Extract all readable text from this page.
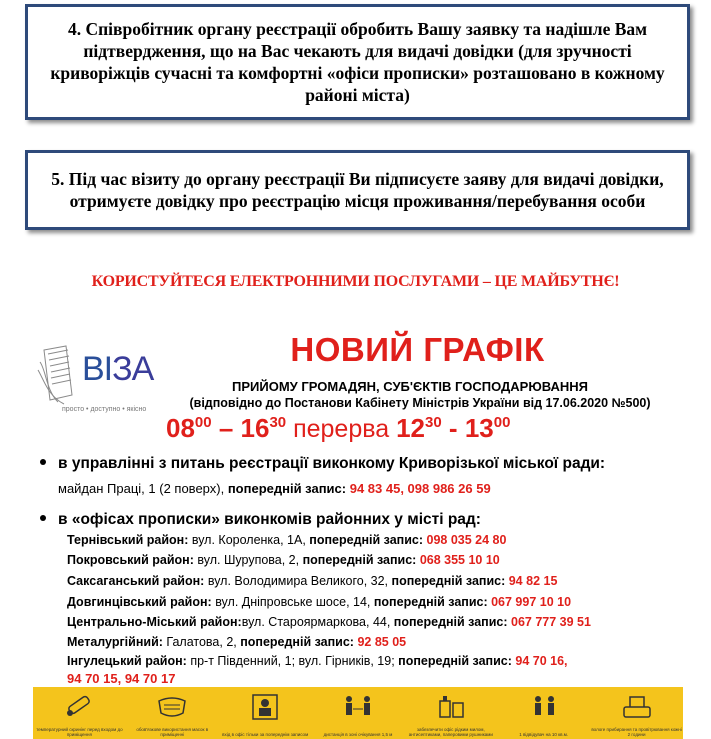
4. Співробітник органу реєстрації обробить Вашу заявку та надішле Вам підтвердження, що на Вас чекають для видачі довідки (для зручності криворіжців сучасні та комфортні «офіси прописки» розташовано в кожному районі міста)
5. Під час візиту до органу реєстрації Ви підписуєте заяву для видачі довідки, отримуєте довідку про реєстрацію місця проживання/перебування особи
КОРИСТУЙТЕСЯ ЕЛЕКТРОННИМИ ПОСЛУГАМИ – ЦЕ МАЙБУТНЄ!
ВІЗА
просто • доступно • якісно
НОВИЙ ГРАФІК
ПРИЙОМУ ГРОМАДЯН, СУБ'ЄКТІВ ГОСПОДАРЮВАННЯ
(відповідно до Постанови Кабінету Міністрів України від 17.06.2020 №500)
$08^{00} - 16^{30}$ перерва $12^{30} - 13^{00}$
в управлінні з питань реєстрації виконкому Криворізької міської ради:
майдан Праці, 1 (2 поверх), попередній запис: 94 83 45, 098 986 26 59
в «офісах прописки» виконкомів районних у місті рад:
Тернівський район: вул. Короленка, 1А, попередній запис: 098 035 24 80
Покровський район: вул. Шурупова, 2, попередній запис: 068 355 10 10
Саксаганський район: вул. Володимира Великого, 32, попередній запис: 94 82 15
Довгинцівський район: вул. Дніпровське шосе, 14, попередній запис: 067 997 10 10
Центрально-Міський район:вул. Староярмаркова, 44, попередній запис: 067 777 39 51
Металургійний: Галатова, 2, попередній запис: 92 85 05
Інгулецький район: пр-т Південний, 1; вул. Гірників, 19; попередній запис: 94 70 16,
94 70 15, 94 70 17
температурний скринінг перед входом до приміщення
обов'язкове використання масок в приміщенні	вхід в офіс тільки за попереднім записом	дистанція в зоні очікування 1,5 м
забезпечити офіс рідким милом, антисептиками, паперовими рушниками	1 відвідувач на 10 кв.м.
вологе прибирання та провітрювання кожні 2 години
